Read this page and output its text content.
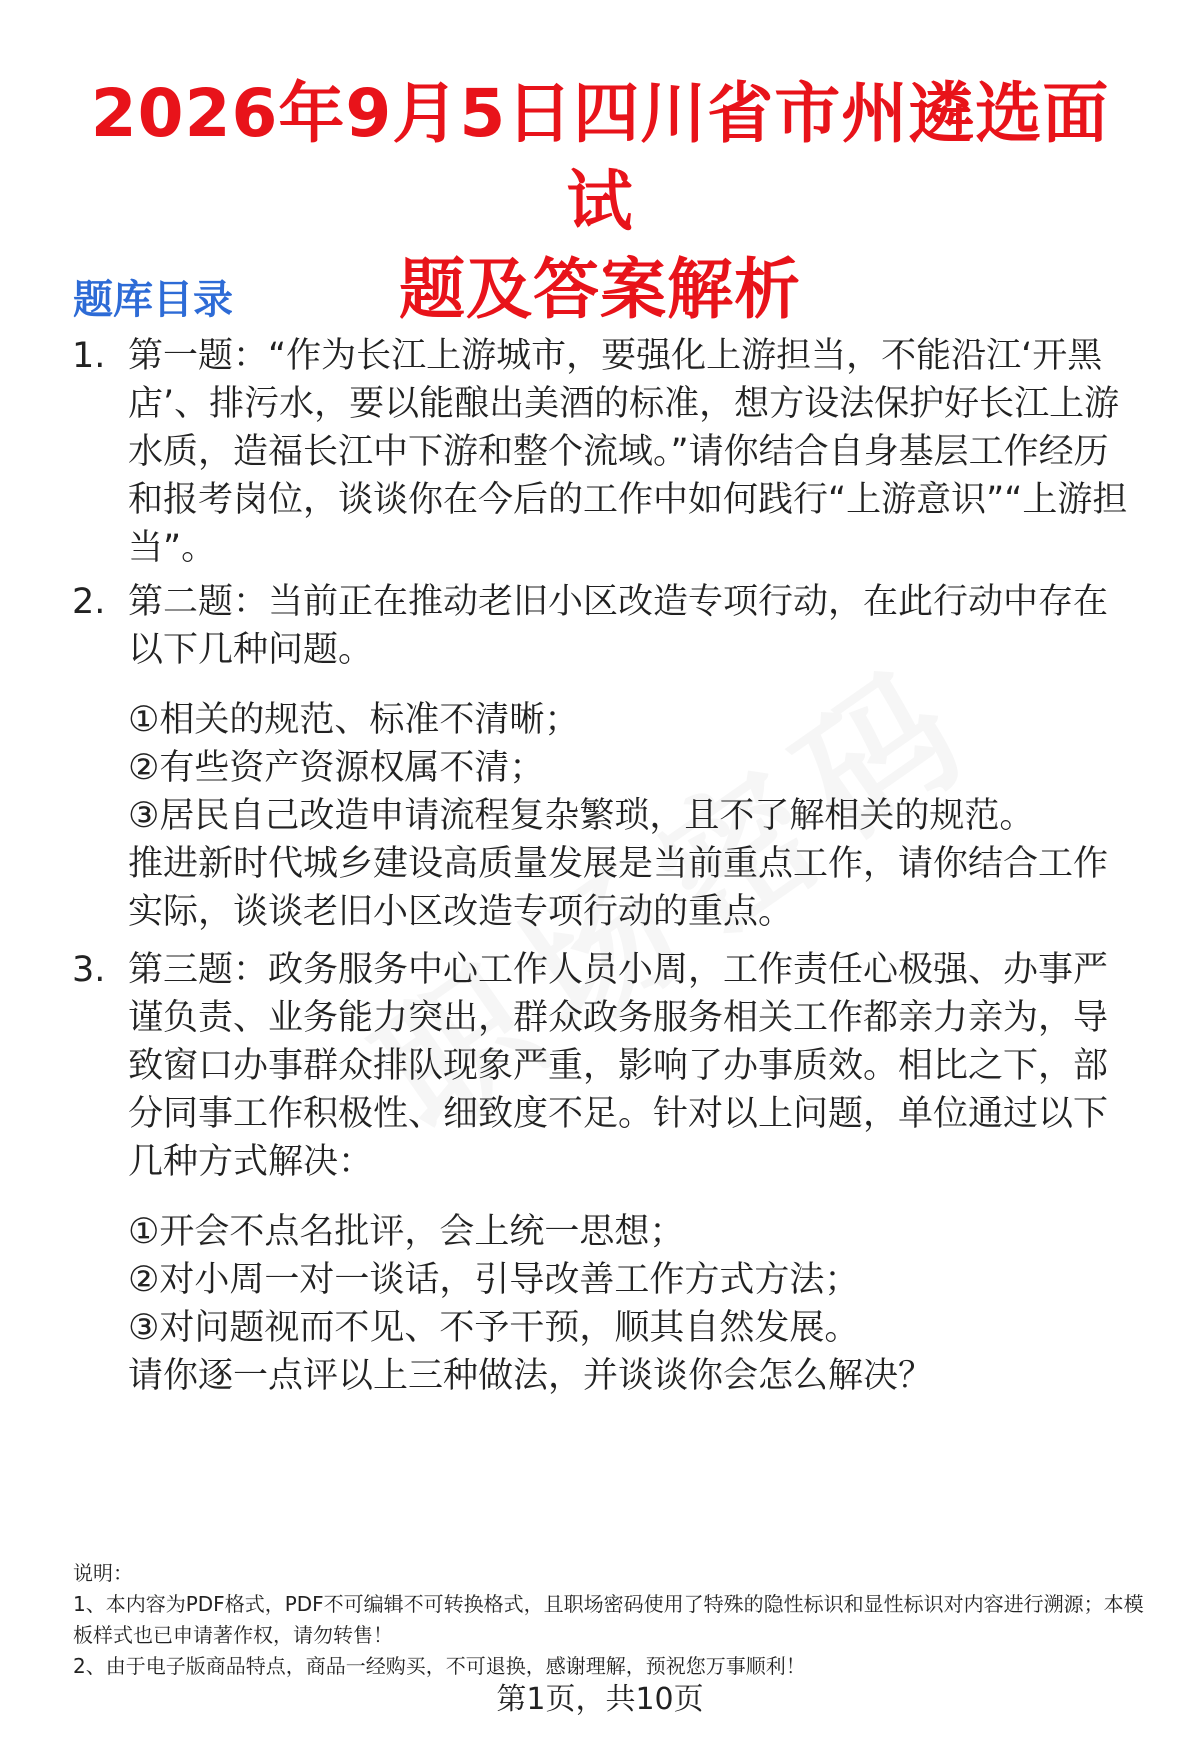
2026年9月5日四川省市州遴选面试
题及答案解析
题库目录
1. 第一题：“作为长江上游城市，要强化上游担当，不能沿江‘开黑店’、排污水，要以能酿出美酒的标准，想方设法保护好长江上游水质，造福长江中下游和整个流域。”请你结合自身基层工作经历和报考岗位，谈谈你在今后的工作中如何践行“上游意识”“上游担当”。

2. 第二题：当前正在推动老旧小区改造专项行动，在此行动中存在以下几种问题。

①相关的规范、标准不清晰；
②有些资产资源权属不清；
③居民自己改造申请流程复杂繁琐，且不了解相关的规范。

推进新时代城乡建设高质量发展是当前重点工作，请你结合工作实际，谈谈老旧小区改造专项行动的重点。

3. 第三题：政务服务中心工作人员小周，工作责任心极强、办事严谨负责、业务能力突出，群众政务服务相关工作都亲力亲为，导致窗口办事群众排队现象严重，影响了办事质效。相比之下，部分同事工作积极性、细致度不足。针对以上问题，单位通过以下几种方式解决：

①开会不点名批评，会上统一思想；
②对小周一对一谈话，引导改善工作方式方法；
③对问题视而不见、不予干预，顺其自然发展。

请你逐一点评以上三种做法，并谈谈你会怎么解决？

说明：

1、本内容为PDF格式，PDF不可编辑不可转换格式，且职场密码使用了特殊的隐性标识和显性标识对内容进行溯源；本模板样式也已申请著作权，请勿转售！

2、由于电子版商品特点，商品一经购买，不可退换，感谢理解，预祝您万事顺利！

第1页，共10页
